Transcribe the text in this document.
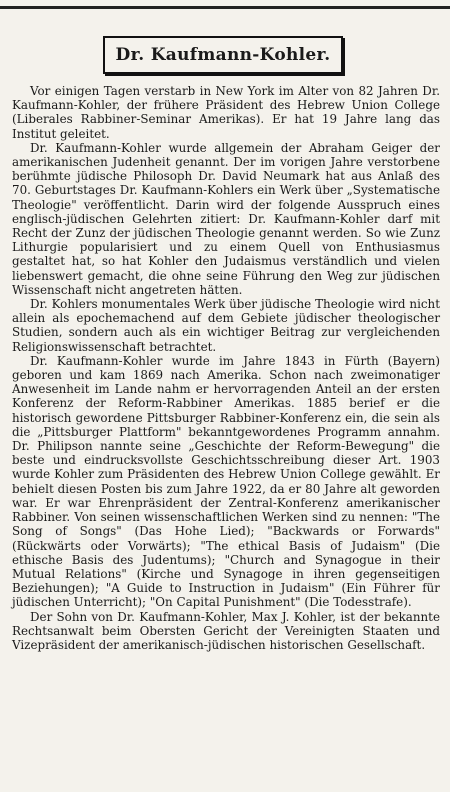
Dr. Kaufmann-Kohler.

Vor einigen Tagen verstarb in New York im Alter von 82 Jahren Dr. Kaufmann-Kohler, der frühere Präsident des Hebrew Union College (Liberales Rabbiner-Seminar Amerikas). Er hat 19 Jahre lang das Institut geleitet.

Dr. Kaufmann-Kohler wurde allgemein der Abraham Geiger der amerikanischen Judenheit genannt. Der im vorigen Jahre verstorbene berühmte jüdische Philosoph Dr. David Neumark hat aus Anlaß des 70. Geburtstages Dr. Kaufmann-Kohlers ein Werk über „Systematische Theologie" veröffentlicht. Darin wird der folgende Ausspruch eines englisch-jüdischen Gelehrten zitiert: Dr. Kaufmann-Kohler darf mit Recht der Zunz der jüdischen Theologie genannt werden. So wie Zunz Lithurgie popularisiert und zu einem Quell von Enthusiasmus gestaltet hat, so hat Kohler den Judaismus verständlich und vielen liebenswert gemacht, die ohne seine Führung den Weg zur jüdischen Wissenschaft nicht angetreten hätten.

Dr. Kohlers monumentales Werk über jüdische Theologie wird nicht allein als epochemachend auf dem Gebiete jüdischer theologischer Studien, sondern auch als ein wichtiger Beitrag zur vergleichenden Religionswissenschaft betrachtet.

Dr. Kaufmann-Kohler wurde im Jahre 1843 in Fürth (Bayern) geboren und kam 1869 nach Amerika. Schon nach zweimonatiger Anwesenheit im Lande nahm er hervorragenden Anteil an der ersten Konferenz der Reform-Rabbiner Amerikas. 1885 berief er die historisch gewordene Pittsburger Rabbiner-Konferenz ein, die sein als die „Pittsburger Plattform" bekanntgewordenes Programm annahm. Dr. Philipson nannte seine „Geschichte der Reform-Bewegung" die beste und eindrucksvollste Geschichtsschreibung dieser Art. 1903 wurde Kohler zum Präsidenten des Hebrew Union College gewählt. Er behielt diesen Posten bis zum Jahre 1922, da er 80 Jahre alt geworden war. Er war Ehrenpräsident der Zentral-Konferenz amerikanischer Rabbiner. Von seinen wissenschaftlichen Werken sind zu nennen: "The Song of Songs" (Das Hohe Lied); "Backwards or Forwards" (Rückwärts oder Vorwärts); "The ethical Basis of Judaism" (Die ethische Basis des Judentums); "Church and Synagogue in their Mutual Relations" (Kirche und Synagoge in ihren gegenseitigen Beziehungen); "A Guide to Instruction in Judaism" (Ein Führer für jüdischen Unterricht); "On Capital Punishment" (Die Todesstrafe).

Der Sohn von Dr. Kaufmann-Kohler, Max J. Kohler, ist der bekannte Rechtsanwalt beim Obersten Gericht der Vereinigten Staaten und Vizepräsident der amerikanisch-jüdischen historischen Gesellschaft.
